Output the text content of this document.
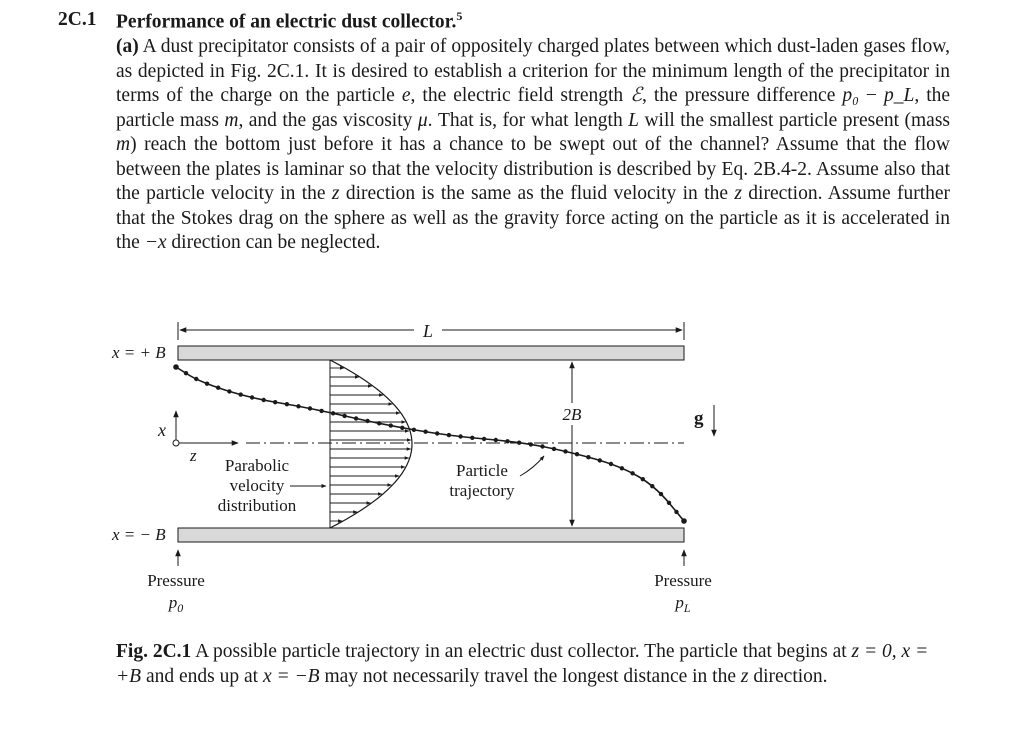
2C.1 Performance of an electric dust collector.$^5$
(a) A dust precipitator consists of a pair of oppositely charged plates between which dust-laden gases flow, as depicted in Fig. 2C.1. It is desired to establish a criterion for the minimum length of the precipitator in terms of the charge on the particle e, the electric field strength ℰ, the pressure difference p₀ − p_L, the particle mass m, and the gas viscosity μ. That is, for what length L will the smallest particle present (mass m) reach the bottom just before it has a chance to be swept out of the channel? Assume that the flow between the plates is laminar so that the velocity distribution is described by Eq. 2B.4-2. Assume also that the particle velocity in the z direction is the same as the fluid velocity in the z direction. Assume further that the Stokes drag on the sphere as well as the gravity force acting on the particle as it is accelerated in the −x direction can be neglected.
L
x = + B
x = − B
x
z
2B	g
Parabolic
velocity
distribution
Particle
trajectory
Pressure
$p_0$
Pressure
$p_L$
Fig. 2C.1 A possible particle trajectory in an electric dust collector. The particle that begins at z = 0, x = +B and ends up at x = −B may not necessarily travel the longest distance in the z direction.
